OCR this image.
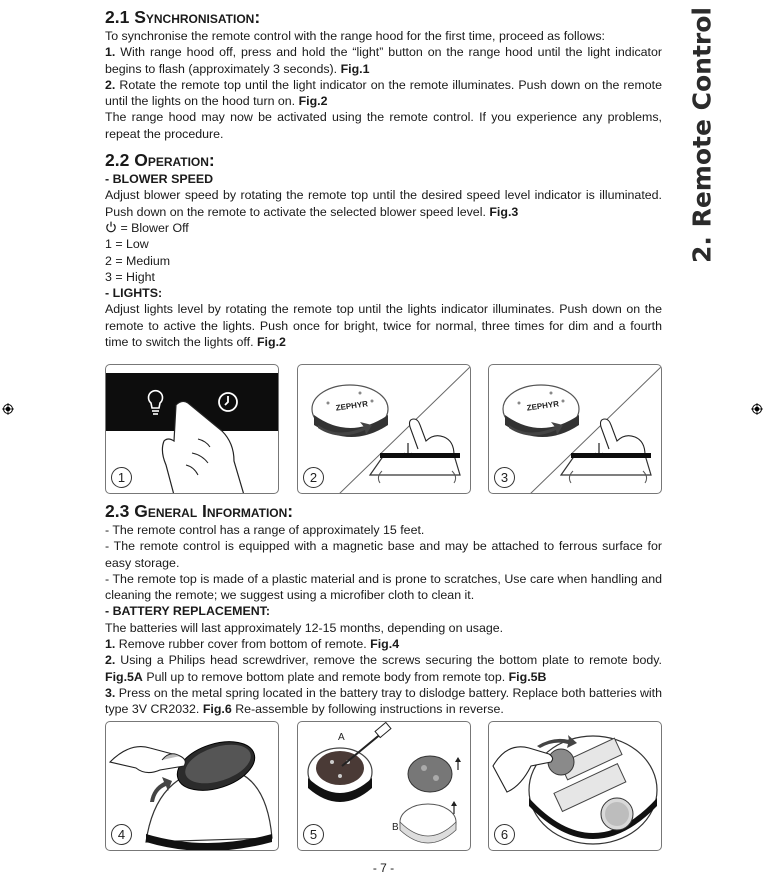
2. Remote Control
2.1 Synchronisation:

To synchronise the remote control with the range hood for the first time, proceed as follows:

1. With range hood off, press and hold the “light” button on the range hood until the light indicator begins to flash (approximately 3 seconds). Fig.1

2. Rotate the remote top until the light indicator on the remote illuminates. Push down on the remote until the lights on the hood turn on. Fig.2

The range hood may now be activated using the remote control. If you experience any problems, repeat the procedure.

2.2 Operation:

- BLOWER SPEED

Adjust blower speed by rotating the remote top until the desired speed level indicator is illuminated. Push down on the remote to activate the selected blower speed level. Fig.3

= Blower Off

1 = Low

2 = Medium

3 = Hight

- LIGHTS:

Adjust lights level by rotating the remote top until the lights indicator illuminates. Push down on the remote to active the lights. Push once for bright, twice for normal, three times for dim and a fourth time to switch the lights off. Fig.2

1
ZEPHYR
2
ZEPHYR
3
2.3 General Information:

- The remote control has a range of approximately 15 feet.

- The remote control is equipped with a magnetic base and may be attached to ferrous surface for easy storage.

- The remote top is made of a plastic material and is prone to scratches, Use care when handling and cleaning the remote; we suggest using a microfiber cloth to clean it.

- BATTERY REPLACEMENT:

The batteries will last approximately 12-15 months, depending on usage.

1. Remove rubber cover from bottom of remote. Fig.4

2. Using a Philips head screwdriver, remove the screws securing the bottom plate to remote body. Fig.5A Pull up to remove bottom plate and remote body from remote top. Fig.5B

3. Press on the metal spring located in the battery tray to dislodge battery. Replace both batteries with type 3V CR2032. Fig.6 Re-assemble by following instructions in reverse.

4
A
B
5	6
- 7 -
